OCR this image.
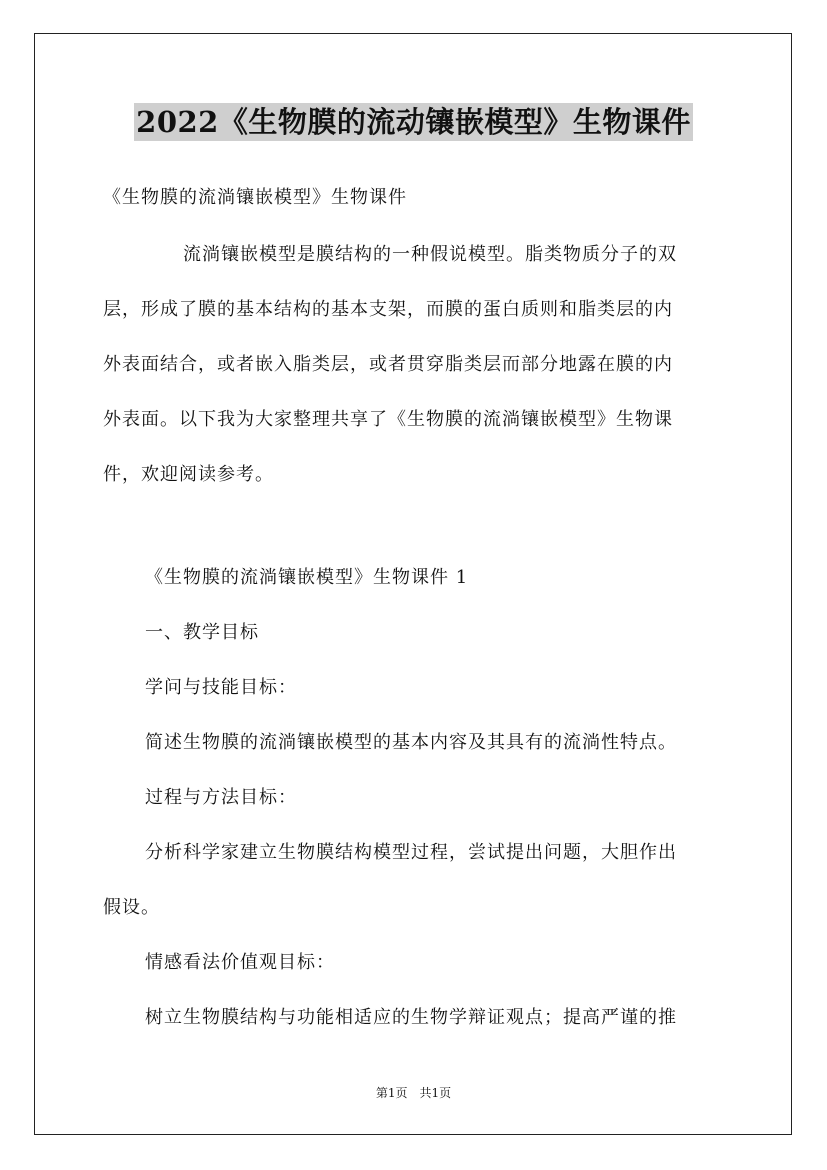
2022《生物膜的流动镶嵌模型》生物课件
《生物膜的流淌镶嵌模型》生物课件
流淌镶嵌模型是膜结构的一种假说模型。脂类物质分子的双
层，形成了膜的基本结构的基本支架，而膜的蛋白质则和脂类层的内
外表面结合，或者嵌入脂类层，或者贯穿脂类层而部分地露在膜的内
外表面。以下我为大家整理共享了《生物膜的流淌镶嵌模型》生物课
件，欢迎阅读参考。
《生物膜的流淌镶嵌模型》生物课件 1
一、教学目标
学问与技能目标：
简述生物膜的流淌镶嵌模型的基本内容及其具有的流淌性特点。
过程与方法目标：
分析科学家建立生物膜结构模型过程，尝试提出问题，大胆作出
假设。
情感看法价值观目标：
树立生物膜结构与功能相适应的生物学辩证观点；提高严谨的推
第1页　共1页
